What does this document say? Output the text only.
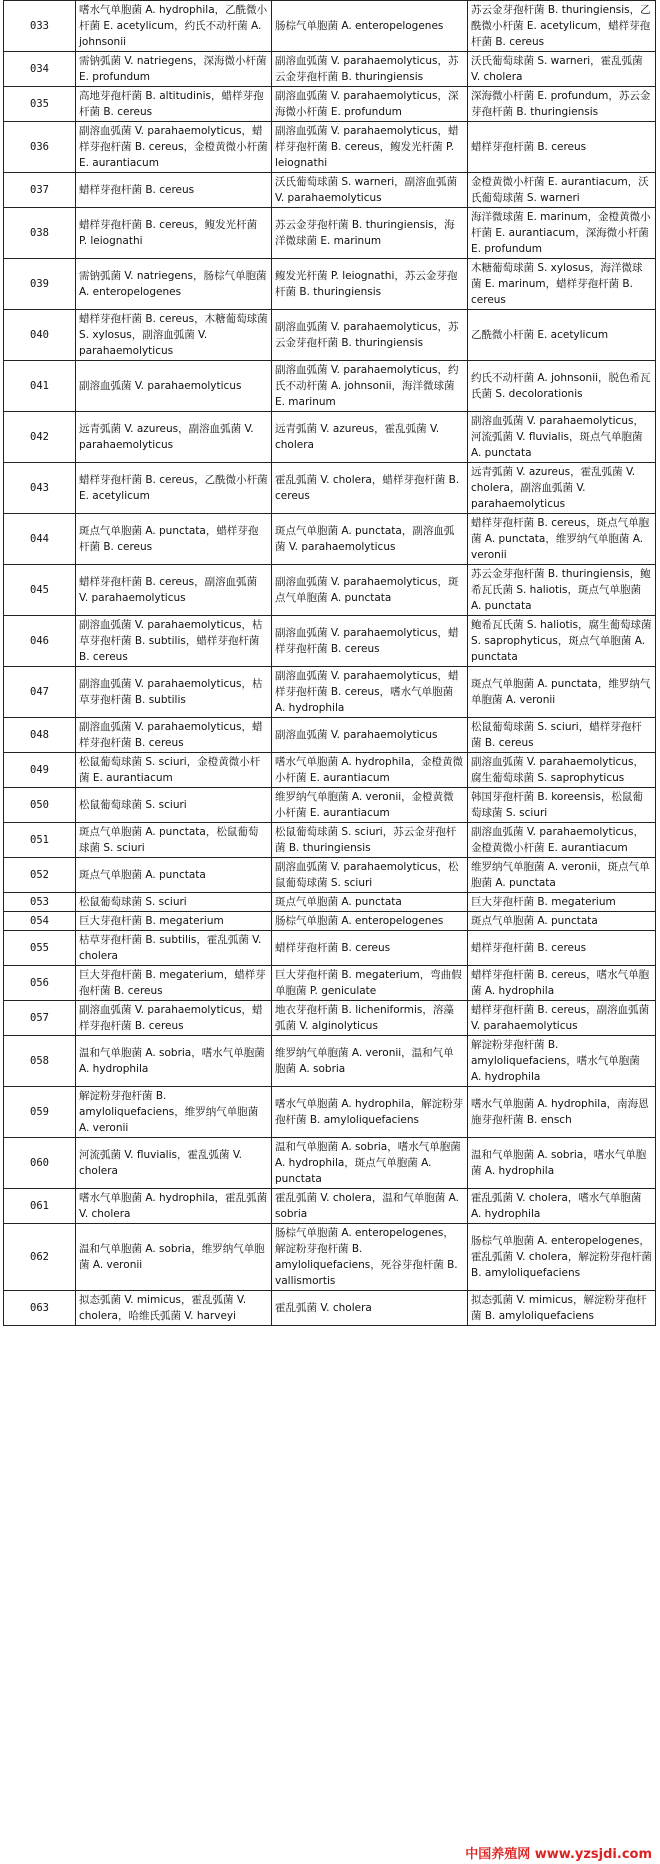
033	嗜水气单胞菌 A. hydrophila，乙酰微小杆菌 E. acetylicum，约氏不动杆菌 A. johnsonii	肠棕气单胞菌 A. enteropelogenes	苏云金芽孢杆菌 B. thuringiensis，乙酰微小杆菌 E. acetylicum，蜡样芽孢杆菌 B. cereus
034	需钠弧菌 V. natriegens，深海微小杆菌 E. profundum	副溶血弧菌 V. parahaemolyticus，苏云金芽孢杆菌 B. thuringiensis	沃氏葡萄球菌 S. warneri，霍乱弧菌 V. cholera
035	高地芽孢杆菌 B. altitudinis，蜡样芽孢杆菌 B. cereus	副溶血弧菌 V. parahaemolyticus，深海微小杆菌 E. profundum	深海微小杆菌 E. profundum，苏云金芽孢杆菌 B. thuringiensis
036	副溶血弧菌 V. parahaemolyticus，蜡样芽孢杆菌 B. cereus，金橙黄微小杆菌 E. aurantiacum	副溶血弧菌 V. parahaemolyticus，蜡样芽孢杆菌 B. cereus，鳆发光杆菌 P. leiognathi	蜡样芽孢杆菌 B. cereus
037	蜡样芽孢杆菌 B. cereus	沃氏葡萄球菌 S. warneri，副溶血弧菌 V. parahaemolyticus	金橙黄微小杆菌 E. aurantiacum，沃氏葡萄球菌 S. warneri
038	蜡样芽孢杆菌 B. cereus，鳆发光杆菌 P. leiognathi	苏云金芽孢杆菌 B. thuringiensis，海洋微球菌 E. marinum	海洋微球菌 E. marinum，金橙黄微小杆菌 E. aurantiacum，深海微小杆菌 E. profundum
039	需钠弧菌 V. natriegens，肠棕气单胞菌 A. enteropelogenes	鳆发光杆菌 P. leiognathi，苏云金芽孢杆菌 B. thuringiensis	木糖葡萄球菌 S. xylosus，海洋微球菌 E. marinum，蜡样芽孢杆菌 B. cereus
040	蜡样芽孢杆菌 B. cereus，木糖葡萄球菌 S. xylosus，副溶血弧菌 V. parahaemolyticus	副溶血弧菌 V. parahaemolyticus，苏云金芽孢杆菌 B. thuringiensis	乙酰微小杆菌 E. acetylicum
041	副溶血弧菌 V. parahaemolyticus	副溶血弧菌 V. parahaemolyticus，约氏不动杆菌 A. johnsonii，海洋微球菌 E. marinum	约氏不动杆菌 A. johnsonii，脱色希瓦氏菌 S. decolorationis
042	远青弧菌 V. azureus，副溶血弧菌 V. parahaemolyticus	远青弧菌 V. azureus，霍乱弧菌 V. cholera	副溶血弧菌 V. parahaemolyticus，河流弧菌 V. fluvialis，斑点气单胞菌 A. punctata
043	蜡样芽孢杆菌 B. cereus，乙酰微小杆菌 E. acetylicum	霍乱弧菌 V. cholera，蜡样芽孢杆菌 B. cereus	远青弧菌 V. azureus，霍乱弧菌 V. cholera，副溶血弧菌 V. parahaemolyticus
044	斑点气单胞菌 A. punctata，蜡样芽孢杆菌 B. cereus	斑点气单胞菌 A. punctata，副溶血弧菌 V. parahaemolyticus	蜡样芽孢杆菌 B. cereus，斑点气单胞菌 A. punctata，维罗纳气单胞菌 A. veronii
045	蜡样芽孢杆菌 B. cereus，副溶血弧菌 V. parahaemolyticus	副溶血弧菌 V. parahaemolyticus，斑点气单胞菌 A. punctata	苏云金芽孢杆菌 B. thuringiensis，鲍希瓦氏菌 S. haliotis，斑点气单胞菌 A. punctata
046	副溶血弧菌 V. parahaemolyticus，枯草芽孢杆菌 B. subtilis，蜡样芽孢杆菌 B. cereus	副溶血弧菌 V. parahaemolyticus，蜡样芽孢杆菌 B. cereus	鲍希瓦氏菌 S. haliotis，腐生葡萄球菌 S. saprophyticus，斑点气单胞菌 A. punctata
047	副溶血弧菌 V. parahaemolyticus，枯草芽孢杆菌 B. subtilis	副溶血弧菌 V. parahaemolyticus，蜡样芽孢杆菌 B. cereus，嗜水气单胞菌 A. hydrophila	斑点气单胞菌 A. punctata，维罗纳气单胞菌 A. veronii
048	副溶血弧菌 V. parahaemolyticus，蜡样芽孢杆菌 B. cereus	副溶血弧菌 V. parahaemolyticus	松鼠葡萄球菌 S. sciuri，蜡样芽孢杆菌 B. cereus
049	松鼠葡萄球菌 S. sciuri，金橙黄微小杆菌 E. aurantiacum	嗜水气单胞菌 A. hydrophila，金橙黄微小杆菌 E. aurantiacum	副溶血弧菌 V. parahaemolyticus，腐生葡萄球菌 S. saprophyticus
050	松鼠葡萄球菌 S. sciuri	维罗纳气单胞菌 A. veronii，金橙黄微小杆菌 E. aurantiacum	韩国芽孢杆菌 B. koreensis，松鼠葡萄球菌 S. sciuri
051	斑点气单胞菌 A. punctata，松鼠葡萄球菌 S. sciuri	松鼠葡萄球菌 S. sciuri，苏云金芽孢杆菌 B. thuringiensis	副溶血弧菌 V. parahaemolyticus，金橙黄微小杆菌 E. aurantiacum
052	斑点气单胞菌 A. punctata	副溶血弧菌 V. parahaemolyticus，松鼠葡萄球菌 S. sciuri	维罗纳气单胞菌 A. veronii，斑点气单胞菌 A. punctata
053	松鼠葡萄球菌 S. sciuri	斑点气单胞菌 A. punctata	巨大芽孢杆菌 B. megaterium
054	巨大芽孢杆菌 B. megaterium	肠棕气单胞菌 A. enteropelogenes	斑点气单胞菌 A. punctata
055	枯草芽孢杆菌 B. subtilis，霍乱弧菌 V. cholera	蜡样芽孢杆菌 B. cereus	蜡样芽孢杆菌 B. cereus
056	巨大芽孢杆菌 B. megaterium，蜡样芽孢杆菌 B. cereus	巨大芽孢杆菌 B. megaterium，弯曲假单胞菌 P. geniculate	蜡样芽孢杆菌 B. cereus，嗜水气单胞菌 A. hydrophila
057	副溶血弧菌 V. parahaemolyticus，蜡样芽孢杆菌 B. cereus	地衣芽孢杆菌 B. licheniformis，溶藻弧菌 V. alginolyticus	蜡样芽孢杆菌 B. cereus，副溶血弧菌 V. parahaemolyticus
058	温和气单胞菌 A. sobria，嗜水气单胞菌 A. hydrophila	维罗纳气单胞菌 A. veronii，温和气单胞菌 A. sobria	解淀粉芽孢杆菌 B. amyloliquefaciens，嗜水气单胞菌 A. hydrophila
059	解淀粉芽孢杆菌 B. amyloliquefaciens，维罗纳气单胞菌 A. veronii	嗜水气单胞菌 A. hydrophila，解淀粉芽孢杆菌 B. amyloliquefaciens	嗜水气单胞菌 A. hydrophila，南海恩施芽孢杆菌 B. ensch
060	河流弧菌 V. fluvialis，霍乱弧菌 V. cholera	温和气单胞菌 A. sobria，嗜水气单胞菌 A. hydrophila，斑点气单胞菌 A. punctata	温和气单胞菌 A. sobria，嗜水气单胞菌 A. hydrophila
061	嗜水气单胞菌 A. hydrophila，霍乱弧菌 V. cholera	霍乱弧菌 V. cholera，温和气单胞菌 A. sobria	霍乱弧菌 V. cholera，嗜水气单胞菌 A. hydrophila
062	温和气单胞菌 A. sobria，维罗纳气单胞菌 A. veronii	肠棕气单胞菌 A. enteropelogenes，解淀粉芽孢杆菌 B. amyloliquefaciens，死谷芽孢杆菌 B. vallismortis	肠棕气单胞菌 A. enteropelogenes，霍乱弧菌 V. cholera，解淀粉芽孢杆菌 B. amyloliquefaciens
063	拟态弧菌 V. mimicus，霍乱弧菌 V. cholera，哈维氏弧菌 V. harveyi	霍乱弧菌 V. cholera	拟态弧菌 V. mimicus，解淀粉芽孢杆菌 B. amyloliquefaciens
中国养殖网 www.yzsjdi.com
